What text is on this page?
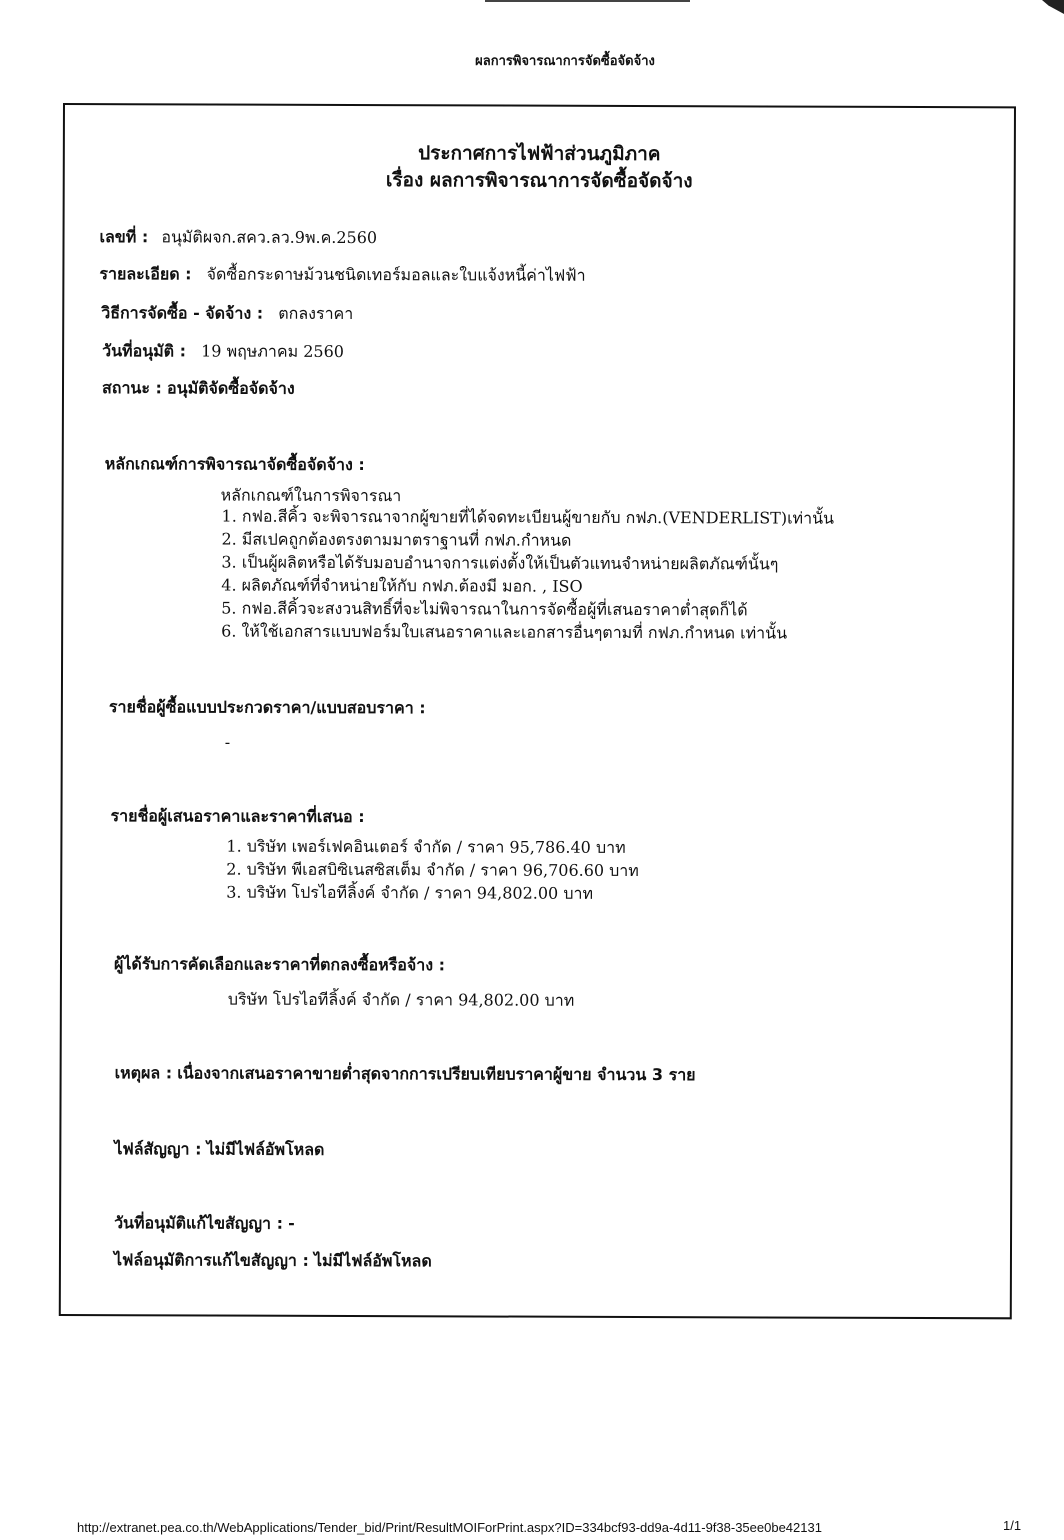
ผลการพิจารณาการจัดซื้อจัดจ้าง
ประกาศการไฟฟ้าส่วนภูมิภาค
เรื่อง ผลการพิจารณาการจัดซื้อจัดจ้าง
เลขที่ : อนุมัติผจก.สคว.ลว.9พ.ค.2560
รายละเอียด : จัดซื้อกระดาษม้วนชนิดเทอร์มอลและใบแจ้งหนี้ค่าไฟฟ้า
วิธีการจัดซื้อ - จัดจ้าง : ตกลงราคา
วันที่อนุมัติ : 19 พฤษภาคม 2560
สถานะ : อนุมัติจัดซื้อจัดจ้าง
หลักเกณฑ์การพิจารณาจัดซื้อจัดจ้าง :
หลักเกณฑ์ในการพิจารณา
1. กฟอ.สีคิ้ว จะพิจารณาจากผู้ขายที่ได้จดทะเบียนผู้ขายกับ กฟภ.(VENDERLIST)เท่านั้น
2. มีสเปคถูกต้องตรงตามมาตราฐานที่ กฟภ.กำหนด
3. เป็นผู้ผลิตหรือได้รับมอบอำนาจการแต่งตั้งให้เป็นตัวแทนจำหน่ายผลิตภัณฑ์นั้นๆ
4. ผลิตภัณฑ์ที่จำหน่ายให้กับ กฟภ.ต้องมี มอก. , ISO
5. กฟอ.สีคิ้วจะสงวนสิทธิ์ที่จะไม่พิจารณาในการจัดซื้อผู้ที่เสนอราคาต่ำสุดก็ได้
6. ให้ใช้เอกสารแบบฟอร์มใบเสนอราคาและเอกสารอื่นๆตามที่ กฟภ.กำหนด เท่านั้น
รายชื่อผู้ซื้อแบบประกวดราคา/แบบสอบราคา :
-
รายชื่อผู้เสนอราคาและราคาที่เสนอ :
1. บริษัท เพอร์เฟคอินเตอร์ จำกัด / ราคา 95,786.40 บาท
2. บริษัท พีเอสบิซิเนสซิสเต็ม จำกัด / ราคา 96,706.60 บาท
3. บริษัท โปรไอทีลิ้งค์ จำกัด / ราคา 94,802.00 บาท
ผู้ได้รับการคัดเลือกและราคาที่ตกลงซื้อหรือจ้าง :
บริษัท โปรไอทีลิ้งค์ จำกัด / ราคา 94,802.00 บาท
เหตุผล : เนื่องจากเสนอราคาขายต่ำสุดจากการเปรียบเทียบราคาผู้ขาย จำนวน 3 ราย
ไฟล์สัญญา : ไม่มีไฟล์อัพโหลด
วันที่อนุมัติแก้ไขสัญญา : -
ไฟล์อนุมัติการแก้ไขสัญญา : ไม่มีไฟล์อัพโหลด
http://extranet.pea.co.th/WebApplications/Tender_bid/Print/ResultMOIForPrint.aspx?ID=334bcf93-dd9a-4d11-9f38-35ee0be42131	1/1
